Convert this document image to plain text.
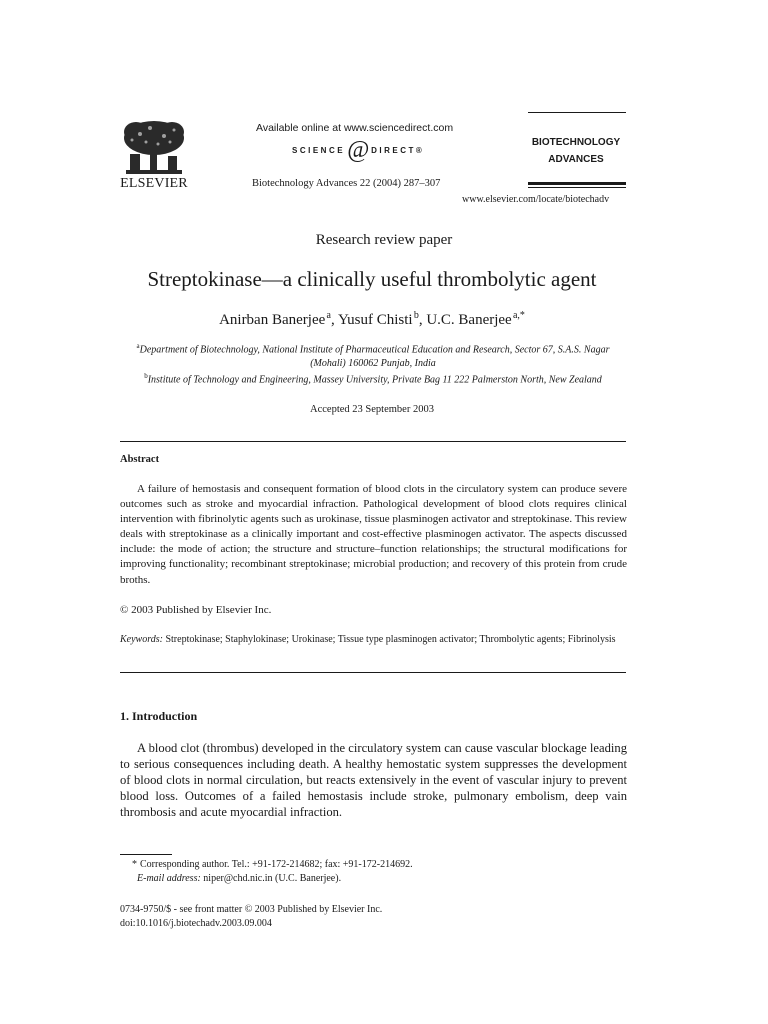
ELSEVIER
Available online at www.sciencedirect.com
SCIENCE @ DIRECT®
Biotechnology Advances 22 (2004) 287–307
BIOTECHNOLOGY
ADVANCES
www.elsevier.com/locate/biotechadv
Research review paper
Streptokinase—a clinically useful thrombolytic agent
Anirban Banerjee $^a$, Yusuf Chisti $^b$, U.C. Banerjee $^{a,*}$
$^a$Department of Biotechnology, National Institute of Pharmaceutical Education and Research, Sector 67, S.A.S. Nagar (Mohali) 160062 Punjab, India
$^b$Institute of Technology and Engineering, Massey University, Private Bag 11 222 Palmerston North, New Zealand
Accepted 23 September 2003
Abstract
A failure of hemostasis and consequent formation of blood clots in the circulatory system can produce severe outcomes such as stroke and myocardial infraction. Pathological development of blood clots requires clinical intervention with fibrinolytic agents such as urokinase, tissue plasminogen activator and streptokinase. This review deals with streptokinase as a clinically important and cost-effective plasminogen activator. The aspects discussed include: the mode of action; the structure and structure–function relationships; the structural modifications for improving functionality; recombinant streptokinase; microbial production; and recovery of this protein from crude broths.
© 2003 Published by Elsevier Inc.
Keywords: Streptokinase; Staphylokinase; Urokinase; Tissue type plasminogen activator; Thrombolytic agents; Fibrinolysis
1. Introduction
A blood clot (thrombus) developed in the circulatory system can cause vascular blockage leading to serious consequences including death. A healthy hemostatic system suppresses the development of blood clots in normal circulation, but reacts extensively in the event of vascular injury to prevent blood loss. Outcomes of a failed hemostasis include stroke, pulmonary embolism, deep vain thrombosis and acute myocardial infraction.
* Corresponding author. Tel.: +91-172-214682; fax: +91-172-214692.
E-mail address: niper@chd.nic.in (U.C. Banerjee).
0734-9750/$ - see front matter © 2003 Published by Elsevier Inc.
doi:10.1016/j.biotechadv.2003.09.004
